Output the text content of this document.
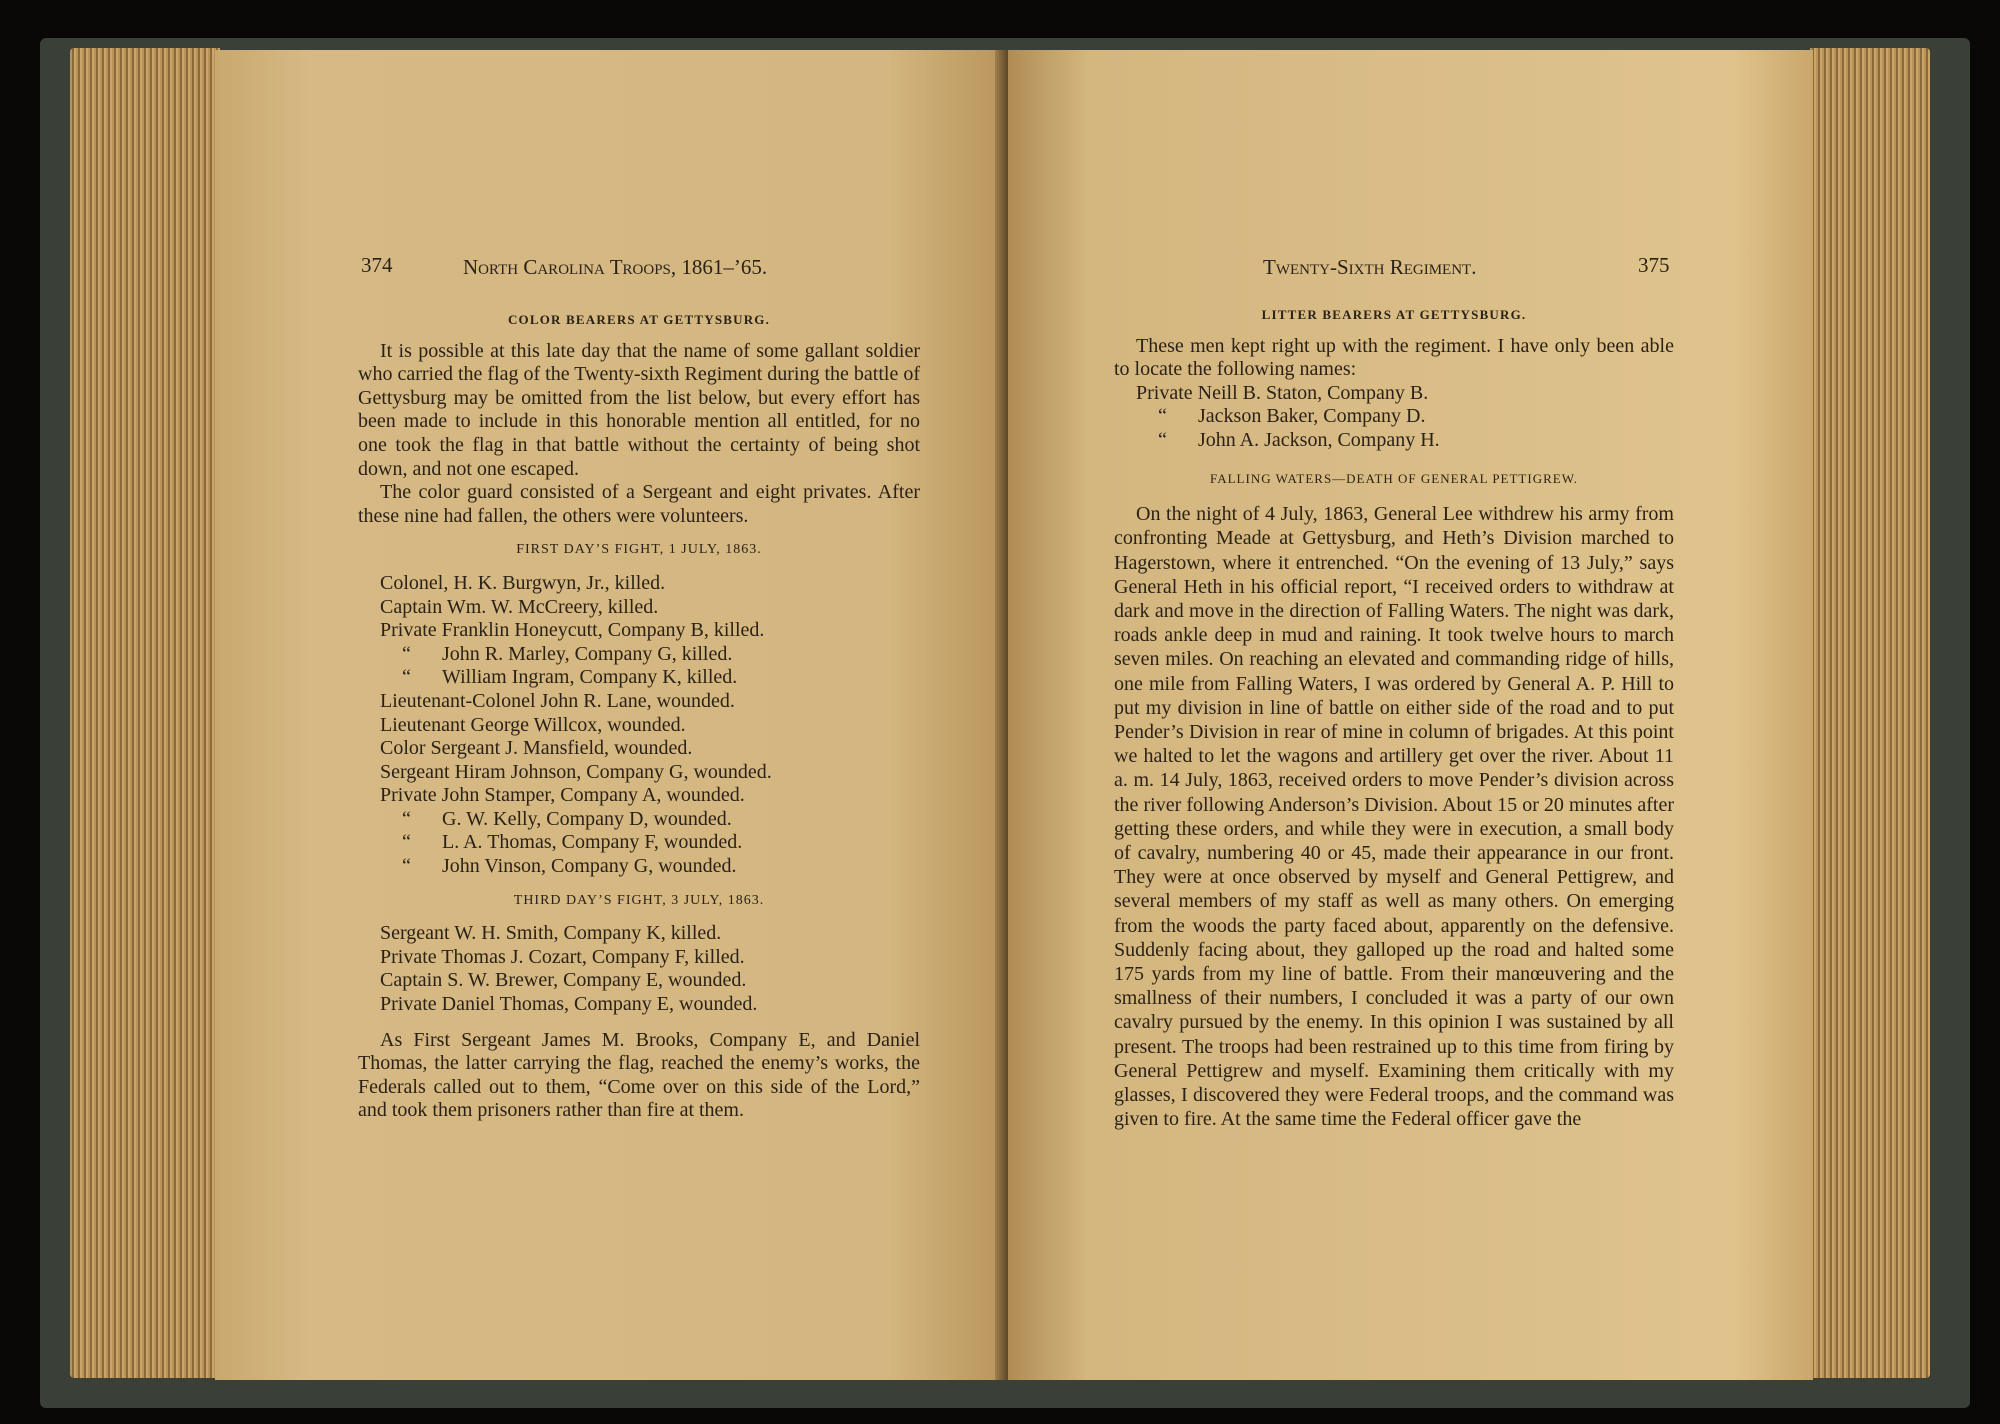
374	North Carolina Troops, 1861–’65.

COLOR BEARERS AT GETTYSBURG.

It is possible at this late day that the name of some gallant soldier who carried the flag of the Twenty-sixth Regiment during the battle of Gettysburg may be omitted from the list below, but every effort has been made to include in this honorable mention all entitled, for no one took the flag in that battle without the certainty of being shot down, and not one escaped.

The color guard consisted of a Sergeant and eight privates. After these nine had fallen, the others were volunteers.

FIRST DAY’S FIGHT, 1 JULY, 1863.

Colonel, H. K. Burgwyn, Jr., killed.
Captain Wm. W. McCreery, killed.
Private Franklin Honeycutt, Company B, killed.
“ John R. Marley, Company G, killed.
“ William Ingram, Company K, killed.
Lieutenant-Colonel John R. Lane, wounded.
Lieutenant George Willcox, wounded.
Color Sergeant J. Mansfield, wounded.
Sergeant Hiram Johnson, Company G, wounded.
Private John Stamper, Company A, wounded.
“ G. W. Kelly, Company D, wounded.
“ L. A. Thomas, Company F, wounded.
“ John Vinson, Company G, wounded.

THIRD DAY’S FIGHT, 3 JULY, 1863.

Sergeant W. H. Smith, Company K, killed.
Private Thomas J. Cozart, Company F, killed.
Captain S. W. Brewer, Company E, wounded.
Private Daniel Thomas, Company E, wounded.

As First Sergeant James M. Brooks, Company E, and Daniel Thomas, the latter carrying the flag, reached the enemy’s works, the Federals called out to them, “Come over on this side of the Lord,” and took them prisoners rather than fire at them.

Twenty-Sixth Regiment.	375

LITTER BEARERS AT GETTYSBURG.

These men kept right up with the regiment. I have only been able to locate the following names:

Private Neill B. Staton, Company B.
“ Jackson Baker, Company D.
“ John A. Jackson, Company H.

FALLING WATERS—DEATH OF GENERAL PETTIGREW.

On the night of 4 July, 1863, General Lee withdrew his army from confronting Meade at Gettysburg, and Heth’s Division marched to Hagerstown, where it entrenched. “On the evening of 13 July,” says General Heth in his official report, “I received orders to withdraw at dark and move in the direction of Falling Waters. The night was dark, roads ankle deep in mud and raining. It took twelve hours to march seven miles. On reaching an elevated and commanding ridge of hills, one mile from Falling Waters, I was ordered by General A. P. Hill to put my division in line of battle on either side of the road and to put Pender’s Division in rear of mine in column of brigades. At this point we halted to let the wagons and artillery get over the river. About 11 a. m. 14 July, 1863, received orders to move Pender’s division across the river following Anderson’s Division. About 15 or 20 minutes after getting these orders, and while they were in execution, a small body of cavalry, numbering 40 or 45, made their appearance in our front. They were at once observed by myself and General Pettigrew, and several members of my staff as well as many others. On emerging from the woods the party faced about, apparently on the defensive. Suddenly facing about, they galloped up the road and halted some 175 yards from my line of battle. From their manœuvering and the smallness of their numbers, I concluded it was a party of our own cavalry pursued by the enemy. In this opinion I was sustained by all present. The troops had been restrained up to this time from firing by General Pettigrew and myself. Examining them critically with my glasses, I discovered they were Federal troops, and the command was given to fire. At the same time the Federal officer gave the
